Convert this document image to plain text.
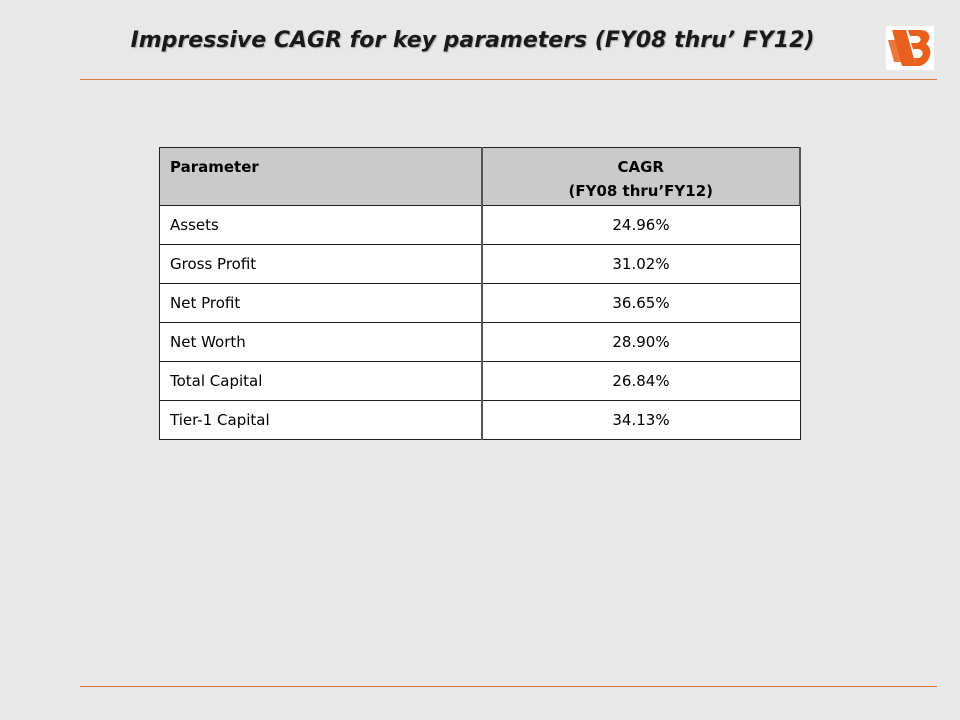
Impressive CAGR for key parameters (FY08 thru’ FY12)
Parameter	CAGR
(FY08 thru’FY12)

Assets	24.96%
Gross Profit	31.02%
Net Profit	36.65%
Net Worth	28.90%
Total Capital	26.84%
Tier-1 Capital	34.13%
